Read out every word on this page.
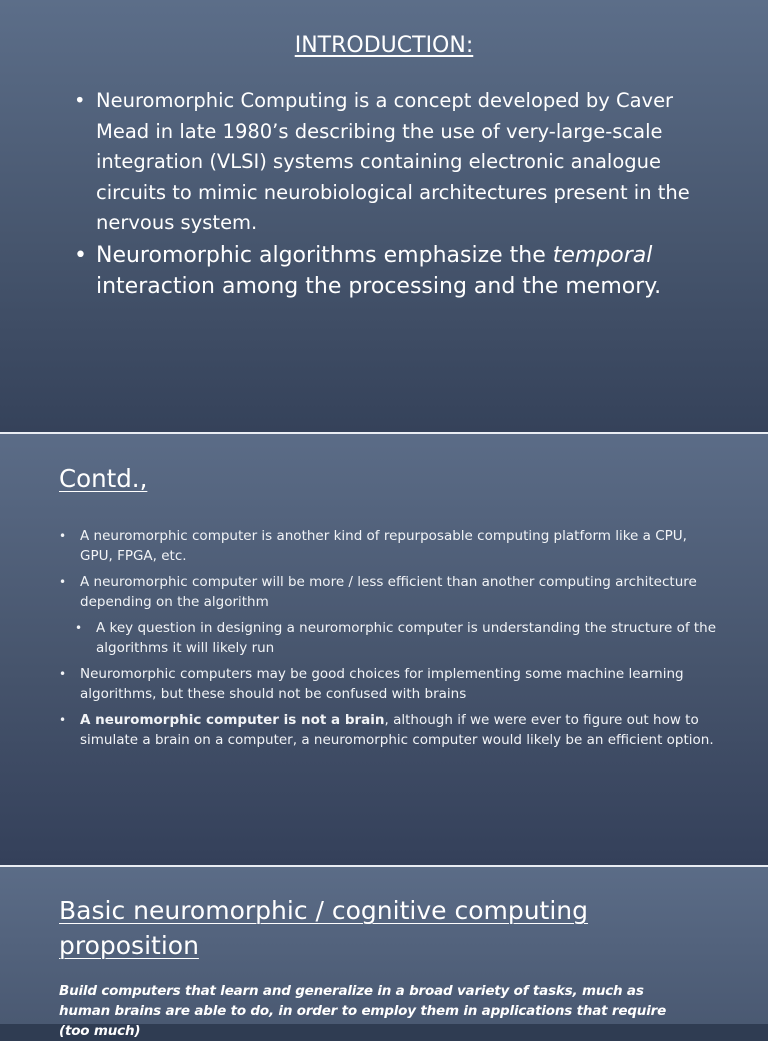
INTRODUCTION:
• Neuromorphic Computing is a concept developed by Caver Mead in late 1980’s describing the use of very-large-scale integration (VLSI) systems containing electronic analogue circuits to mimic neurobiological architectures present in the nervous system.
• Neuromorphic algorithms emphasize the temporal interaction among the processing and the memory.
Contd.,
• A neuromorphic computer is another kind of repurposable computing platform like a CPU, GPU, FPGA, etc.
• A neuromorphic computer will be more / less efficient than another computing architecture depending on the algorithm
• A key question in designing a neuromorphic computer is understanding the structure of the algorithms it will likely run
• Neuromorphic computers may be good choices for implementing some machine learning algorithms, but these should not be confused with brains
• A neuromorphic computer is not a brain, although if we were ever to figure out how to simulate a brain on a computer, a neuromorphic computer would likely be an efficient option.
Basic neuromorphic / cognitive computing proposition
Build computers that learn and generalize in a broad variety of tasks, much as human brains are able to do, in order to employ them in applications that require (too much)
